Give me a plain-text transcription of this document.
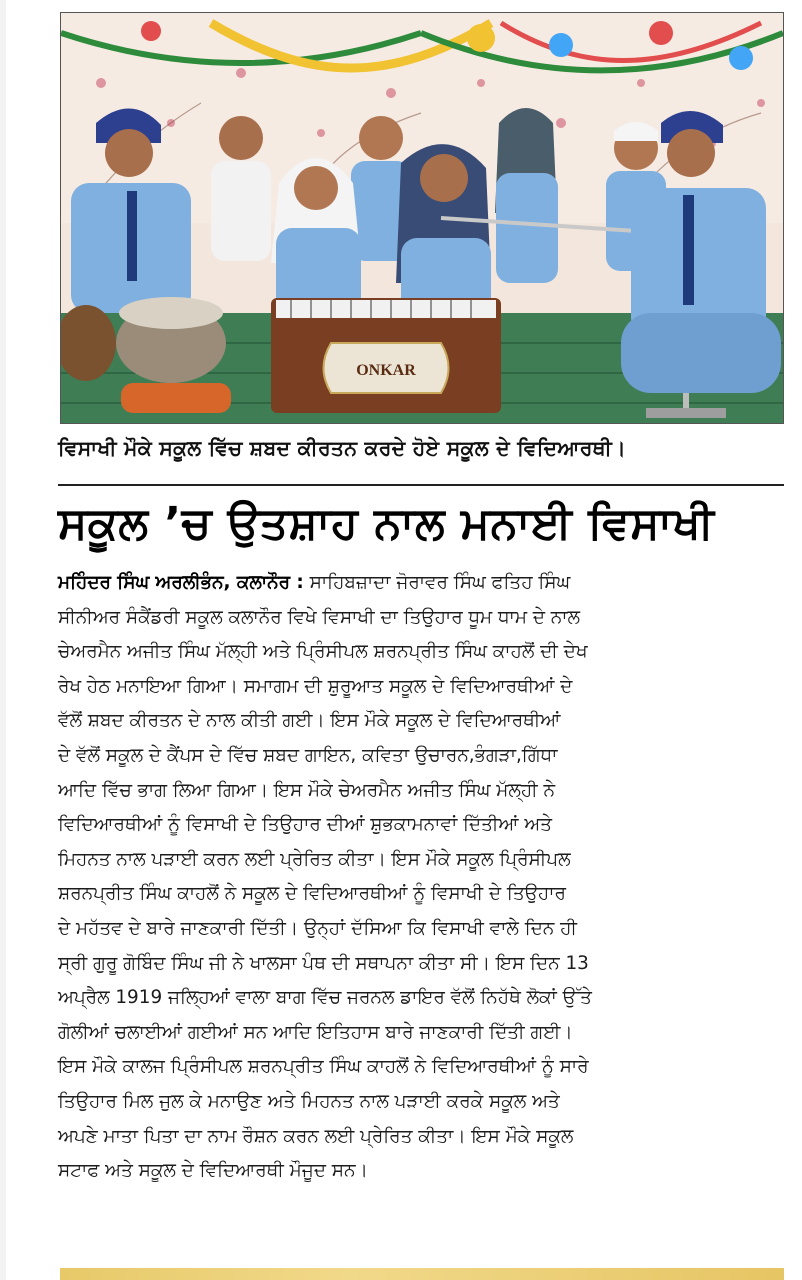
ONKAR
ਵਿਸਾਖੀ ਮੌਕੇ ਸਕੂਲ ਵਿੱਚ ਸ਼ਬਦ ਕੀਰਤਨ ਕਰਦੇ ਹੋਏ ਸਕੂਲ ਦੇ ਵਿਦਿਆਰਥੀ।
ਸਕੂਲ ’ਚ ਉਤਸ਼ਾਹ ਨਾਲ ਮਨਾਈ ਵਿਸਾਖੀ
ਮਹਿੰਦਰ ਸਿੰਘ ਅਰਲੀਭੰਨ, ਕਲਾਨੌਰ : ਸਾਹਿਬਜ਼ਾਦਾ ਜੋਰਾਵਰ ਸਿੰਘ ਫਤਿਹ ਸਿੰਘ
ਸੀਨੀਅਰ ਸੰਕੈਂਡਰੀ ਸਕੂਲ ਕਲਾਨੌਰ ਵਿਖੇ ਵਿਸਾਖੀ ਦਾ ਤਿਉਹਾਰ ਧੂਮ ਧਾਮ ਦੇ ਨਾਲ
ਚੇਅਰਮੈਨ ਅਜੀਤ ਸਿੰਘ ਮੱਲ੍ਹੀ ਅਤੇ ਪ੍ਰਿੰਸੀਪਲ ਸ਼ਰਨਪ੍ਰੀਤ ਸਿੰਘ ਕਾਹਲੋਂ ਦੀ ਦੇਖ
ਰੇਖ ਹੇਠ ਮਨਾਇਆ ਗਿਆ। ਸਮਾਗਮ ਦੀ ਸ਼ੁਰੂਆਤ ਸਕੂਲ ਦੇ ਵਿਦਿਆਰਥੀਆਂ ਦੇ
ਵੱਲੋਂ ਸ਼ਬਦ ਕੀਰਤਨ ਦੇ ਨਾਲ ਕੀਤੀ ਗਈ। ਇਸ ਮੌਕੇ ਸਕੂਲ ਦੇ ਵਿਦਿਆਰਥੀਆਂ
ਦੇ ਵੱਲੋਂ ਸਕੂਲ ਦੇ ਕੈਂਪਸ ਦੇ ਵਿੱਚ ਸ਼ਬਦ ਗਾਇਨ, ਕਵਿਤਾ ਉਚਾਰਨ,ਭੰਗੜਾ,ਗਿੱਧਾ
ਆਦਿ ਵਿੱਚ ਭਾਗ ਲਿਆ ਗਿਆ। ਇਸ ਮੌਕੇ ਚੇਅਰਮੈਨ ਅਜੀਤ ਸਿੰਘ ਮੱਲ੍ਹੀ ਨੇ
ਵਿਦਿਆਰਥੀਆਂ ਨੂੰ ਵਿਸਾਖੀ ਦੇ ਤਿਉਹਾਰ ਦੀਆਂ ਸ਼ੁਭਕਾਮਨਾਵਾਂ ਦਿੱਤੀਆਂ ਅਤੇ
ਮਿਹਨਤ ਨਾਲ ਪੜਾਈ ਕਰਨ ਲਈ ਪ੍ਰੇਰਿਤ ਕੀਤਾ। ਇਸ ਮੌਕੇ ਸਕੂਲ ਪ੍ਰਿੰਸੀਪਲ
ਸ਼ਰਨਪ੍ਰੀਤ ਸਿੰਘ ਕਾਹਲੋਂ ਨੇ ਸਕੂਲ ਦੇ ਵਿਦਿਆਰਥੀਆਂ ਨੂੰ ਵਿਸਾਖੀ ਦੇ ਤਿਉਹਾਰ
ਦੇ ਮਹੱਤਵ ਦੇ ਬਾਰੇ ਜਾਣਕਾਰੀ ਦਿੱਤੀ। ਉਨ੍ਹਾਂ ਦੱਸਿਆ ਕਿ ਵਿਸਾਖੀ ਵਾਲੇ ਦਿਨ ਹੀ
ਸ੍ਰੀ ਗੁਰੂ ਗੋਬਿੰਦ ਸਿੰਘ ਜੀ ਨੇ ਖਾਲਸਾ ਪੰਥ ਦੀ ਸਥਾਪਨਾ ਕੀਤਾ ਸੀ। ਇਸ ਦਿਨ 13
ਅਪ੍ਰੈਲ 1919 ਜਲ੍ਹਿਆਂ ਵਾਲਾ ਬਾਗ ਵਿੱਚ ਜਰਨਲ ਡਾਇਰ ਵੱਲੋਂ ਨਿਹੱਥੇ ਲੋਕਾਂ ਉੱਤੇ
ਗੋਲੀਆਂ ਚਲਾਈਆਂ ਗਈਆਂ ਸਨ ਆਦਿ ਇਤਿਹਾਸ ਬਾਰੇ ਜਾਣਕਾਰੀ ਦਿੱਤੀ ਗਈ।
ਇਸ ਮੌਕੇ ਕਾਲਜ ਪ੍ਰਿੰਸੀਪਲ ਸ਼ਰਨਪ੍ਰੀਤ ਸਿੰਘ ਕਾਹਲੋਂ ਨੇ ਵਿਦਿਆਰਥੀਆਂ ਨੂੰ ਸਾਰੇ
ਤਿਉਹਾਰ ਮਿਲ ਜੁਲ ਕੇ ਮਨਾਉਣ ਅਤੇ ਮਿਹਨਤ ਨਾਲ ਪੜਾਈ ਕਰਕੇ ਸਕੂਲ ਅਤੇ
ਅਪਣੇ ਮਾਤਾ ਪਿਤਾ ਦਾ ਨਾਮ ਰੌਸ਼ਨ ਕਰਨ ਲਈ ਪ੍ਰੇਰਿਤ ਕੀਤਾ। ਇਸ ਮੌਕੇ ਸਕੂਲ
ਸਟਾਫ ਅਤੇ ਸਕੂਲ ਦੇ ਵਿਦਿਆਰਥੀ ਮੌਜੂਦ ਸਨ।
